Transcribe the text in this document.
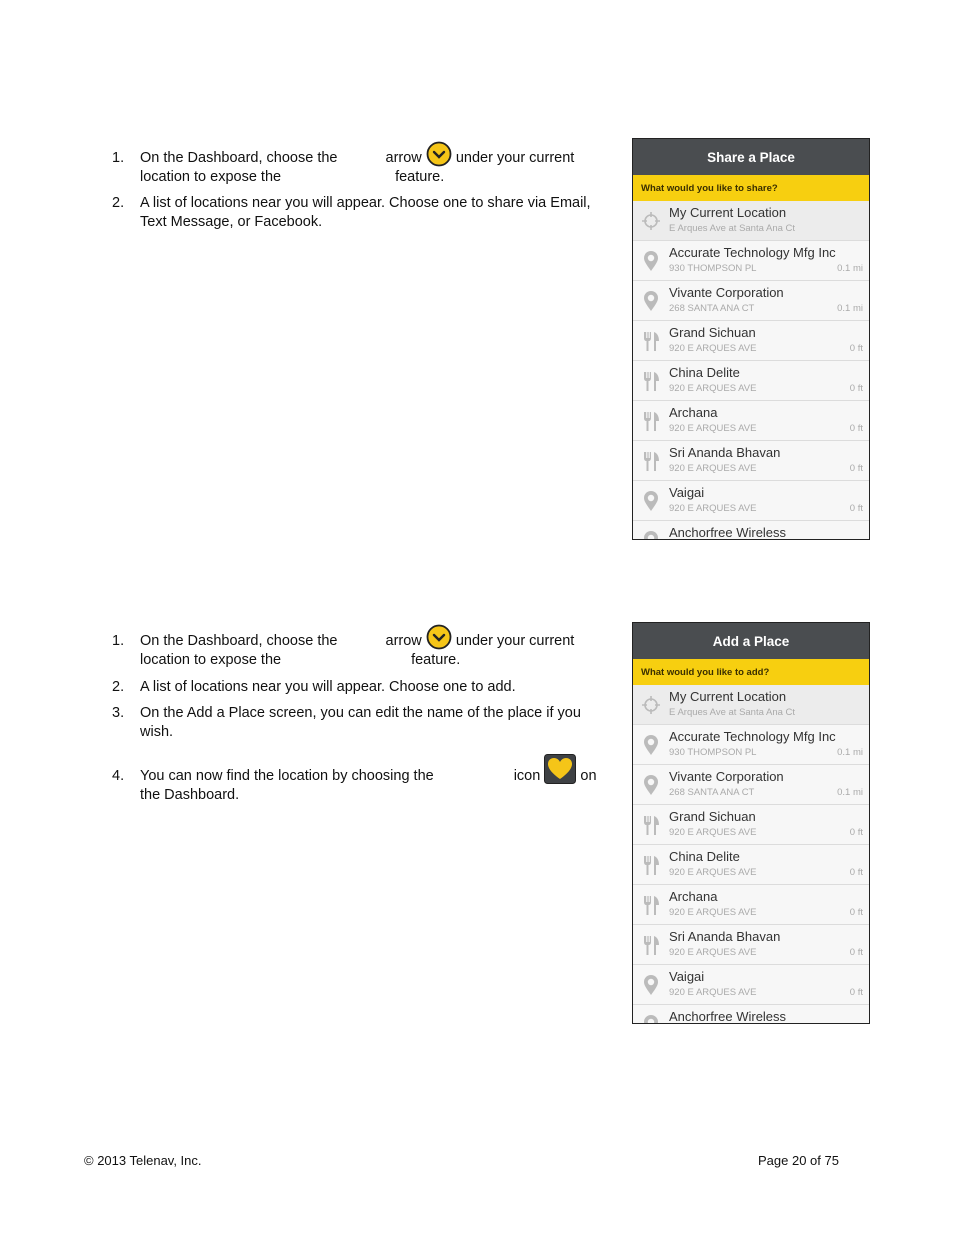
1. On the Dashboard, choose the	arrow under your current
location to expose the	feature.
2. A list of locations near you will appear. Choose one to share via Email,
Text Message, or Facebook.
Share a Place
What would you like to share?
My Current Location
E Arques Ave at Santa Ana Ct
Accurate Technology Mfg Inc
930 THOMPSON PL	0.1 mi
Vivante Corporation
268 SANTA ANA CT	0.1 mi
Grand Sichuan
920 E ARQUES AVE	0 ft
China Delite
920 E ARQUES AVE	0 ft
Archana
920 E ARQUES AVE	0 ft
Sri Ananda Bhavan
920 E ARQUES AVE	0 ft
Vaigai
920 E ARQUES AVE	0 ft
Anchorfree Wireless
1. On the Dashboard, choose the	arrow under your current
location to expose the	feature.
2. A list of locations near you will appear. Choose one to add.
3. On the Add a Place screen, you can edit the name of the place if you
wish.
4. You can now find the location by choosing the	icon	on
the Dashboard.
Add a Place
What would you like to add?
My Current Location
E Arques Ave at Santa Ana Ct
Accurate Technology Mfg Inc
930 THOMPSON PL	0.1 mi
Vivante Corporation
268 SANTA ANA CT	0.1 mi
Grand Sichuan
920 E ARQUES AVE	0 ft
China Delite
920 E ARQUES AVE	0 ft
Archana
920 E ARQUES AVE	0 ft
Sri Ananda Bhavan
920 E ARQUES AVE	0 ft
Vaigai
920 E ARQUES AVE	0 ft
Anchorfree Wireless
© 2013 Telenav, Inc.	Page 20 of 75
